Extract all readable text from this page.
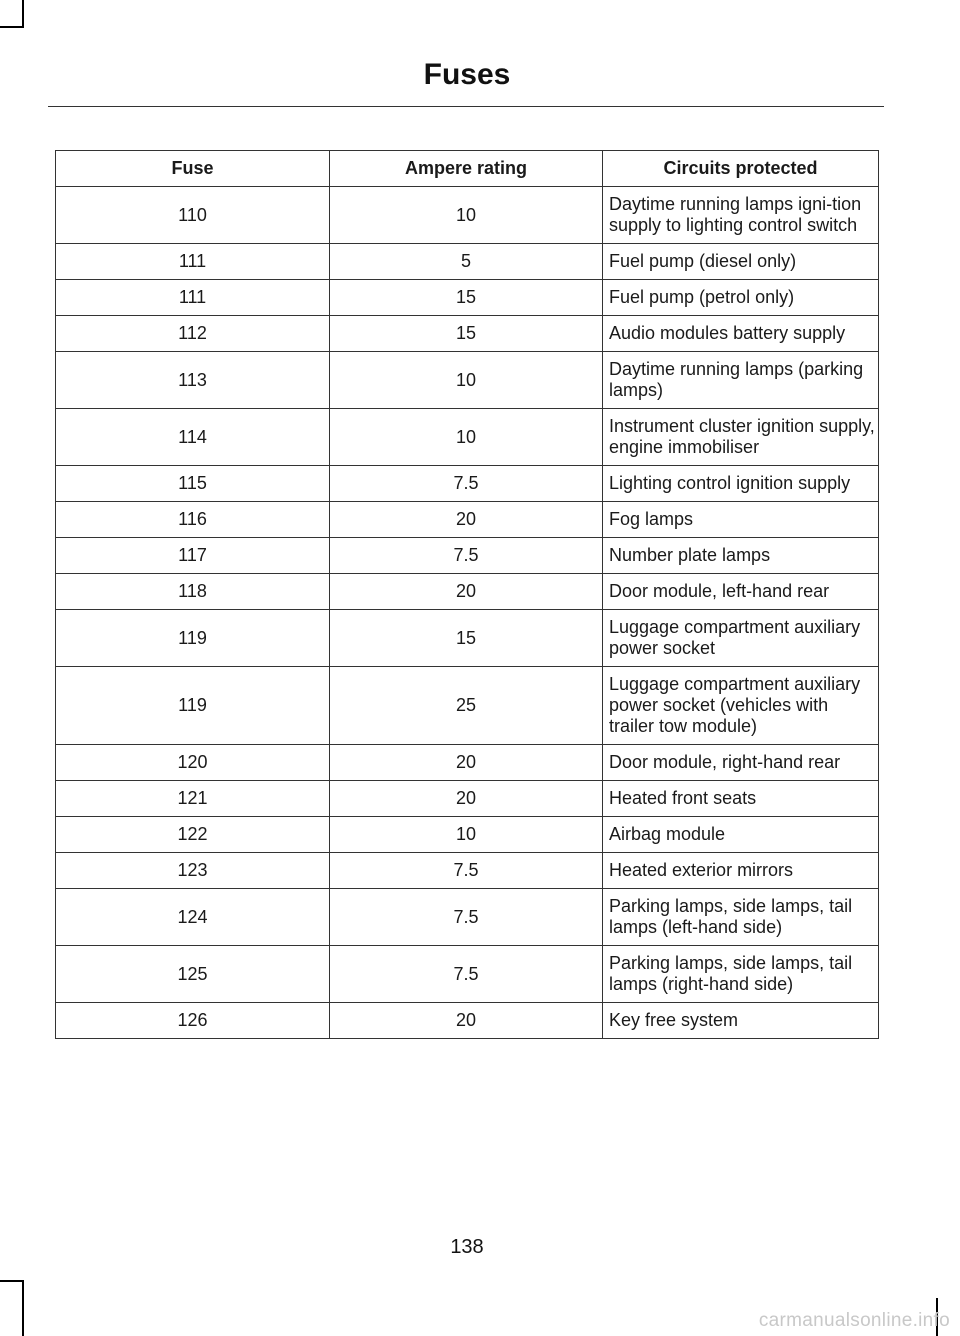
Fuses
Fuse	Ampere rating	Circuits protected
110	10	Daytime running lamps igni-tion supply to lighting control switch
111	5	Fuel pump (diesel only)
111	15	Fuel pump (petrol only)
112	15	Audio modules battery supply
113	10	Daytime running lamps (parking lamps)
114	10	Instrument cluster ignition supply, engine immobiliser
115	7.5	Lighting control ignition supply
116	20	Fog lamps
117	7.5	Number plate lamps
118	20	Door module, left-hand rear
119	15	Luggage compartment auxiliary power socket
119	25	Luggage compartment auxiliary power socket (vehicles with trailer tow module)
120	20	Door module, right-hand rear
121	20	Heated front seats
122	10	Airbag module
123	7.5	Heated exterior mirrors
124	7.5	Parking lamps, side lamps, tail lamps (left-hand side)
125	7.5	Parking lamps, side lamps, tail lamps (right-hand side)
126	20	Key free system
138
carmanualsonline.info
